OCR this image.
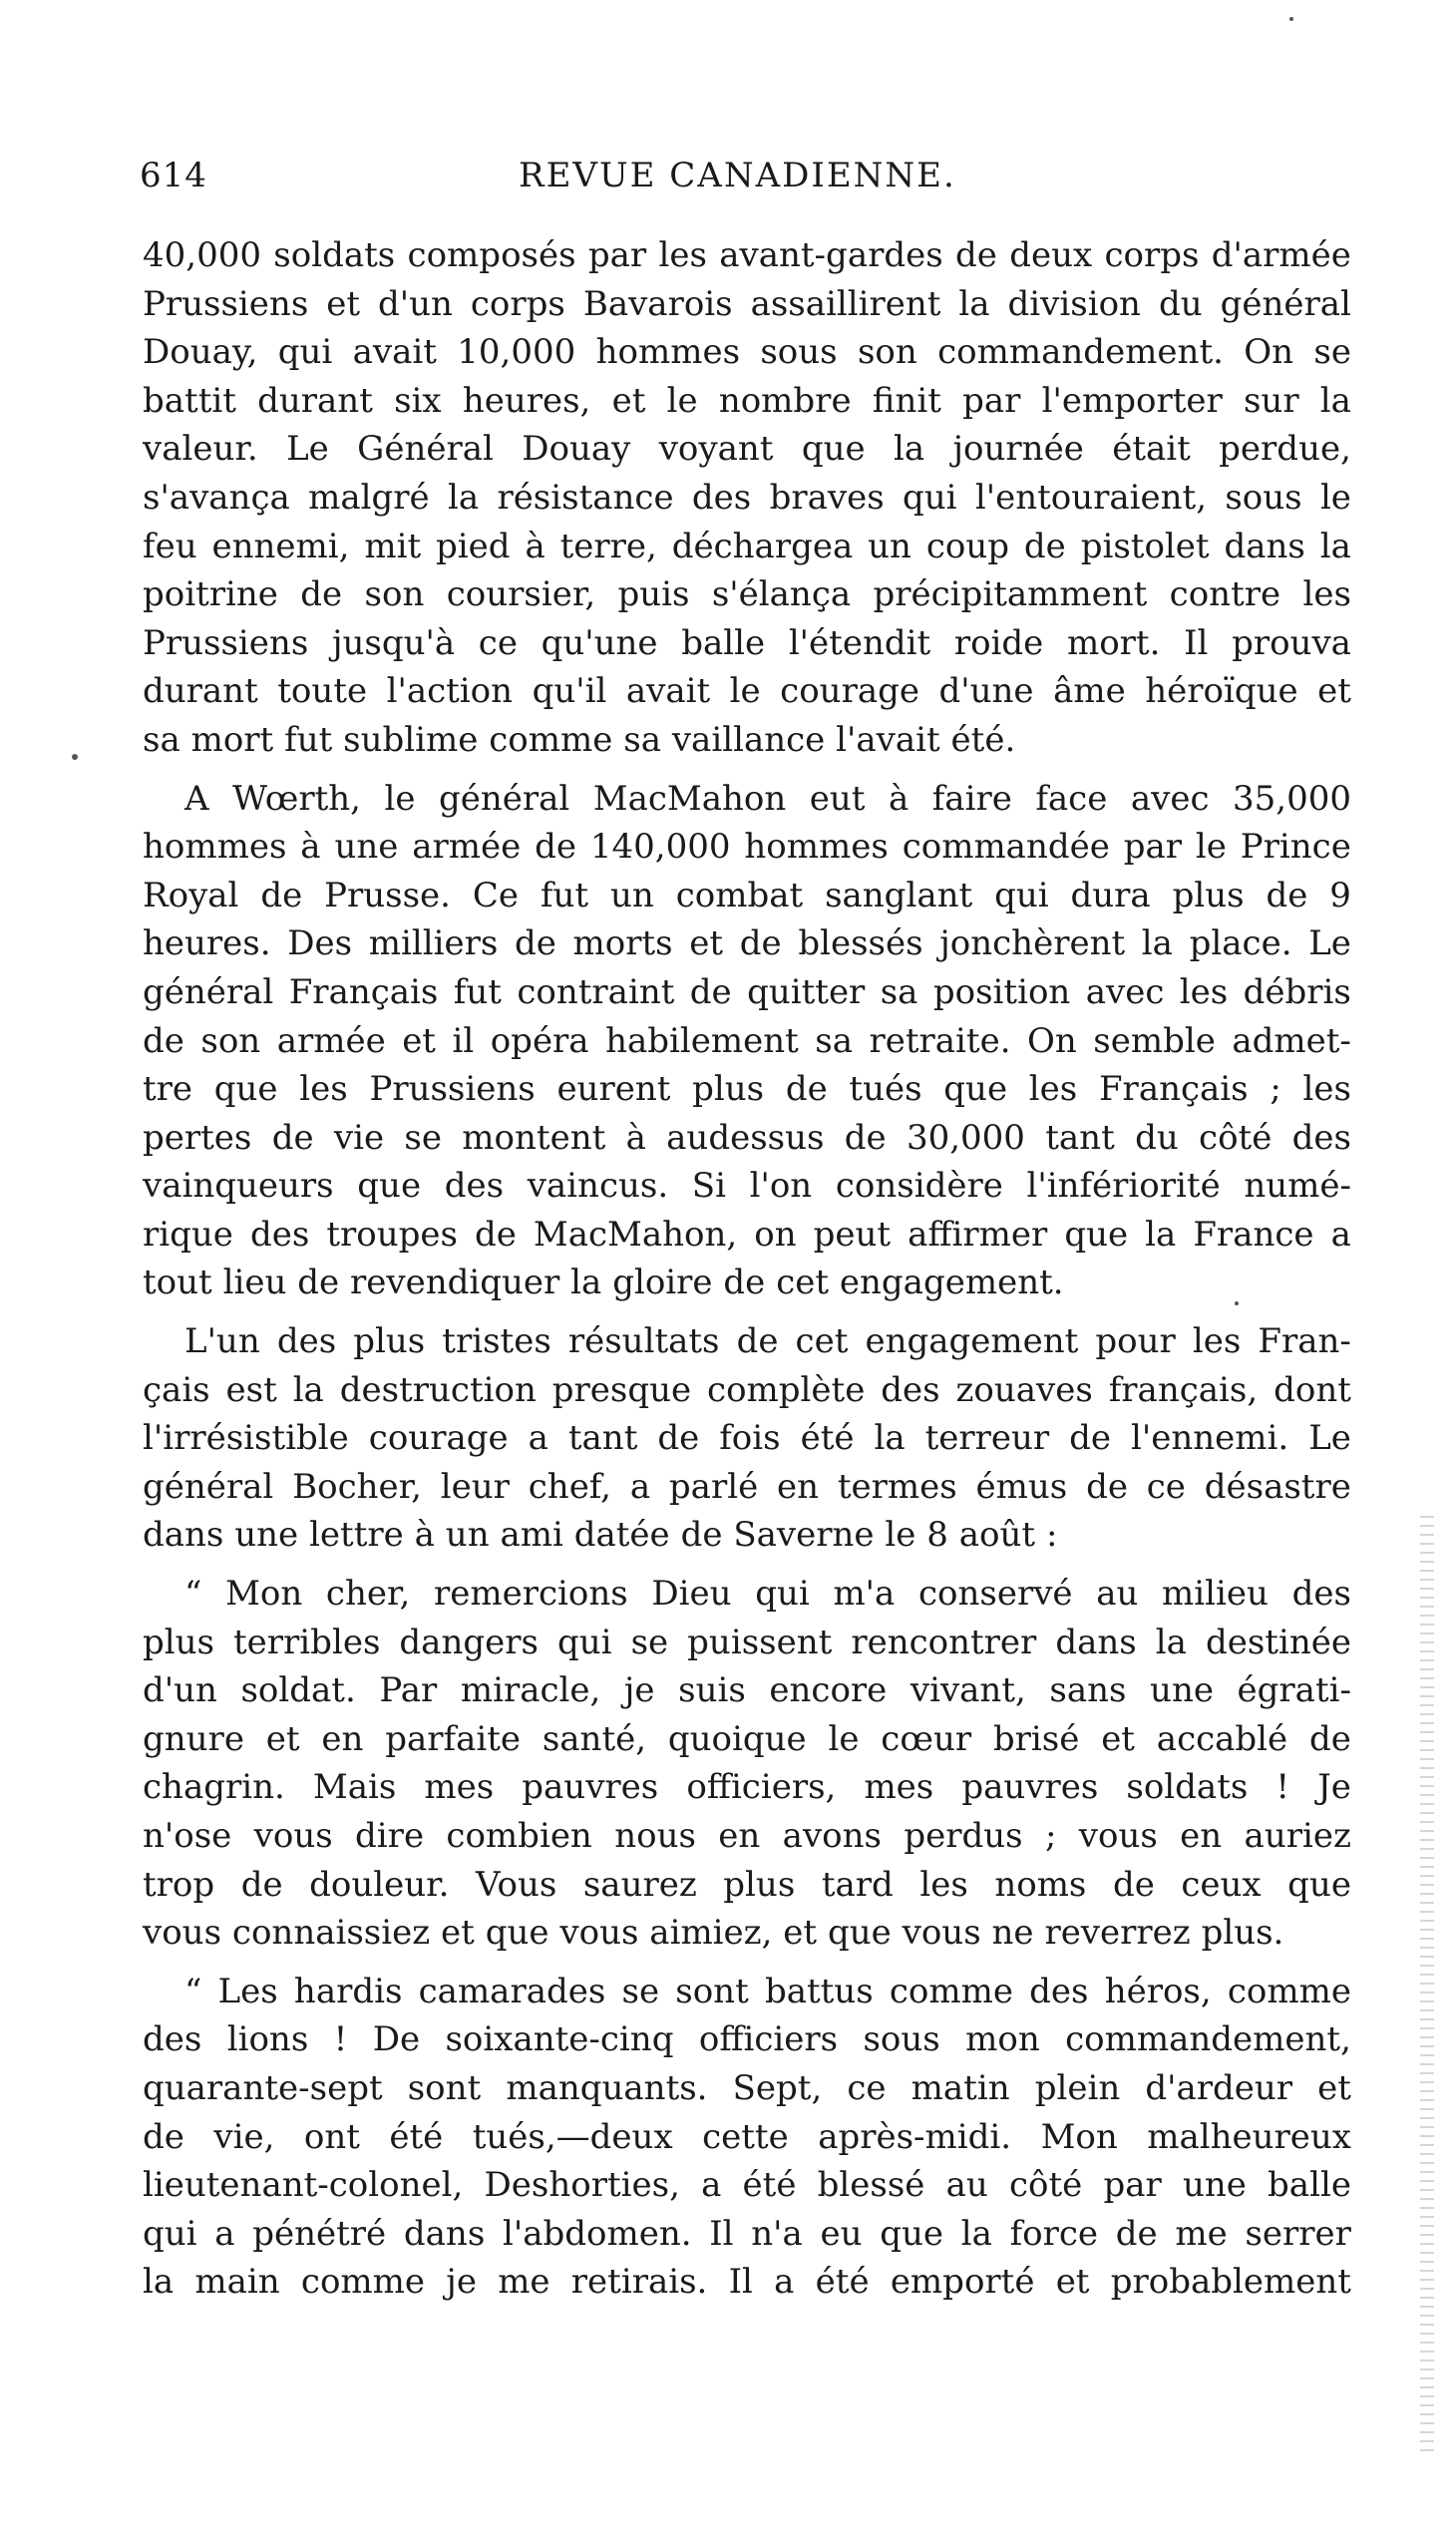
614	REVUE CANADIENNE.
40,000 soldats composés par les avant-gardes de deux corps d'armée
Prussiens et d'un corps Bavarois assaillirent la division du général
Douay, qui avait 10,000 hommes sous son commandement. On se
battit durant six heures, et le nombre finit par l'emporter sur la
valeur. Le Général Douay voyant que la journée était perdue,
s'avança malgré la résistance des braves qui l'entouraient, sous le
feu ennemi, mit pied à terre, déchargea un coup de pistolet dans la
poitrine de son coursier, puis s'élança précipitamment contre les
Prussiens jusqu'à ce qu'une balle l'étendit roide mort. Il prouva
durant toute l'action qu'il avait le courage d'une âme héroïque et
sa mort fut sublime comme sa vaillance l'avait été.
A Wœrth, le général MacMahon eut à faire face avec 35,000
hommes à une armée de 140,000 hommes commandée par le Prince
Royal de Prusse. Ce fut un combat sanglant qui dura plus de 9
heures. Des milliers de morts et de blessés jonchèrent la place. Le
général Français fut contraint de quitter sa position avec les débris
de son armée et il opéra habilement sa retraite. On semble admet-
tre que les Prussiens eurent plus de tués que les Français ; les
pertes de vie se montent à audessus de 30,000 tant du côté des
vainqueurs que des vaincus. Si l'on considère l'infériorité numé-
rique des troupes de MacMahon, on peut affirmer que la France a
tout lieu de revendiquer la gloire de cet engagement.
L'un des plus tristes résultats de cet engagement pour les Fran-
çais est la destruction presque complète des zouaves français, dont
l'irrésistible courage a tant de fois été la terreur de l'ennemi. Le
général Bocher, leur chef, a parlé en termes émus de ce désastre
dans une lettre à un ami datée de Saverne le 8 août :
“ Mon cher, remercions Dieu qui m'a conservé au milieu des
plus terribles dangers qui se puissent rencontrer dans la destinée
d'un soldat. Par miracle, je suis encore vivant, sans une égrati-
gnure et en parfaite santé, quoique le cœur brisé et accablé de
chagrin. Mais mes pauvres officiers, mes pauvres soldats ! Je
n'ose vous dire combien nous en avons perdus ; vous en auriez
trop de douleur. Vous saurez plus tard les noms de ceux que
vous connaissiez et que vous aimiez, et que vous ne reverrez plus.
“ Les hardis camarades se sont battus comme des héros, comme
des lions ! De soixante-cinq officiers sous mon commandement,
quarante-sept sont manquants. Sept, ce matin plein d'ardeur et
de vie, ont été tués,—deux cette après-midi. Mon malheureux
lieutenant-colonel, Deshorties, a été blessé au côté par une balle
qui a pénétré dans l'abdomen. Il n'a eu que la force de me serrer
la main comme je me retirais. Il a été emporté et probablement
